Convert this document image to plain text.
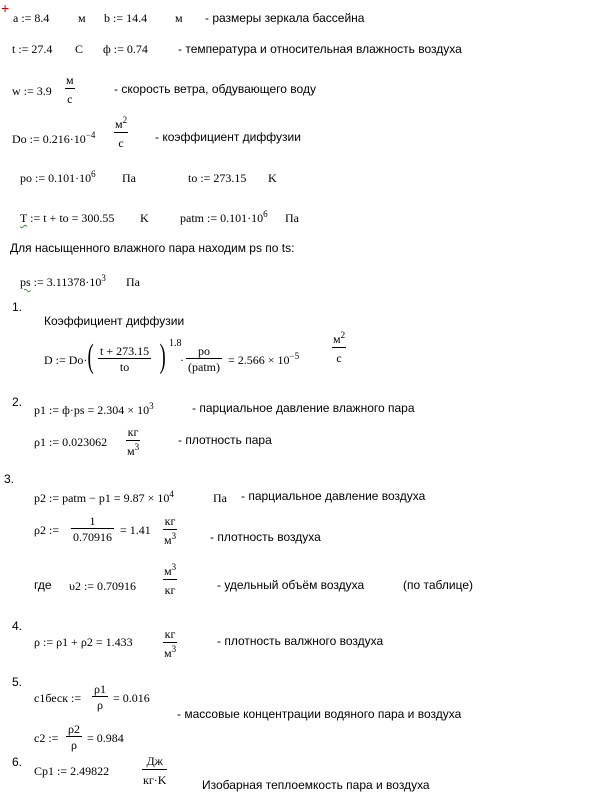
+
a := 8.4 м b := 14.4 м - размеры зеркала бассейна
t := 27.4 C ф := 0.74	- температура и относительная влажность воздуха
w := 3.9
м
с
- скорость ветра, обдувающего воду
Do := $0.216\cdot 10^{-4}$
$м^2$
с	- коэффициент диффузии
po := $0.101\cdot 10^6$ Па	to := 273.15 K
T := t + to = 300.55 K	patm := $0.101\cdot 10^6$ Па
Для насыщенного влажного пара находим ps по ts:
ps := $3.11378\cdot 10^3$ Па
1.
Коэффициент диффузии
D := Do· ( t + 273.15
to ) 1.8
·
po
(patm) = $2.566 \times 10^{-5}$
$м^2$
с
2.
p1 := $ф\cdot ps = 2.304 \times 10^3$	- парциальное давление влажного пара
ρ1 := 0.023062
кг
$м^3$	- плотность пара
3.
p2 := patm − $p1 = 9.87 \times 10^4$	Па - парциальное давление воздуха
ρ2 :=
1
0.70916 = 1.41
кг
$м^3$	- плотность воздуха
где υ2 := 0.70916
$м^3$
кг	- удельный объём воздуха	(по таблице)
4.
ρ := ρ1 + ρ2 = 1.433
кг
$м^3$
- плотность валжного воздуха
5.
c1беск :=
ρ1
ρ = 0.016
- массовые концентрации водяного пара и воздуха
c2 :=
ρ2
ρ = 0.984
6.
Cp1 := 2.49822
Дж
кг·K	Изобарная теплоемкость пара и воздуха
